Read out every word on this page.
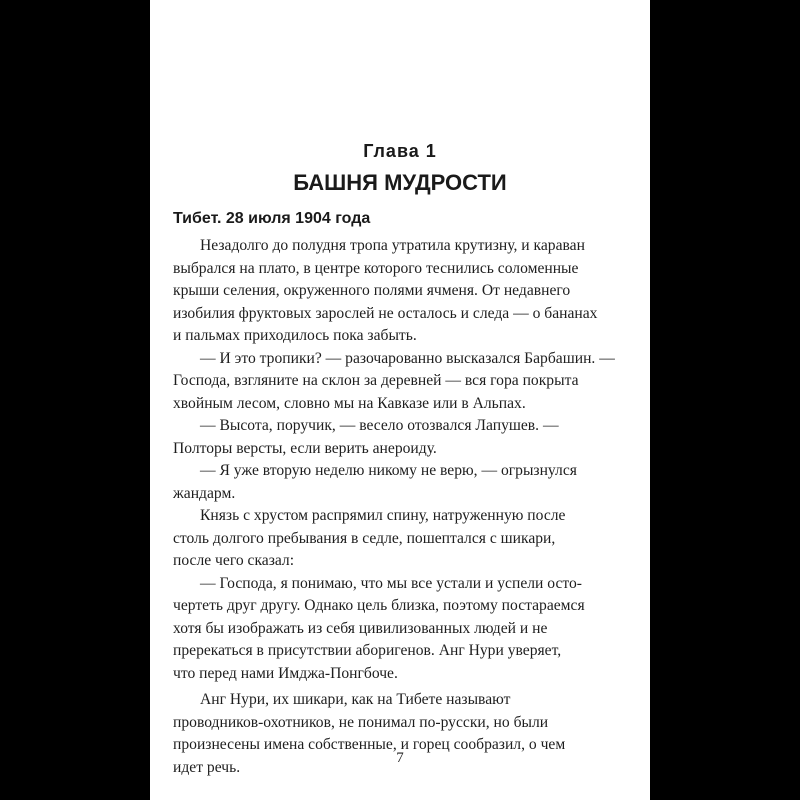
Глава 1
БАШНЯ МУДРОСТИ
Тибет. 28 июля 1904 года
Незадолго до полудня тропа утратила крутизну, и караван
выбрался на плато, в центре которого теснились соломенные
крыши селения, окруженного полями ячменя. От недавнего
изобилия фруктовых зарослей не осталось и следа — о бананах
и пальмах приходилось пока забыть.
— И это тропики? — разочарованно высказался Барбашин. —
Господа, взгляните на склон за деревней — вся гора покрыта
хвойным лесом, словно мы на Кавказе или в Альпах.
— Высота, поручик, — весело отозвался Лапушев. —
Полторы версты, если верить анероиду.
— Я уже вторую неделю никому не верю, — огрызнулся
жандарм.
Князь с хрустом распрямил спину, натруженную после
столь долгого пребывания в седле, пошептался с шикари,
после чего сказал:
— Господа, я понимаю, что мы все устали и успели осто-
чертеть друг другу. Однако цель близка, поэтому постараемся
хотя бы изображать из себя цивилизованных людей и не
пререкаться в присутствии аборигенов. Анг Нури уверяет,
что перед нами Имджа-Понгбоче.
Анг Нури, их шикари, как на Тибете называют
проводников-охотников, не понимал по-русски, но были
произнесены имена собственные, и горец сообразил, о чем
идет речь.
7
